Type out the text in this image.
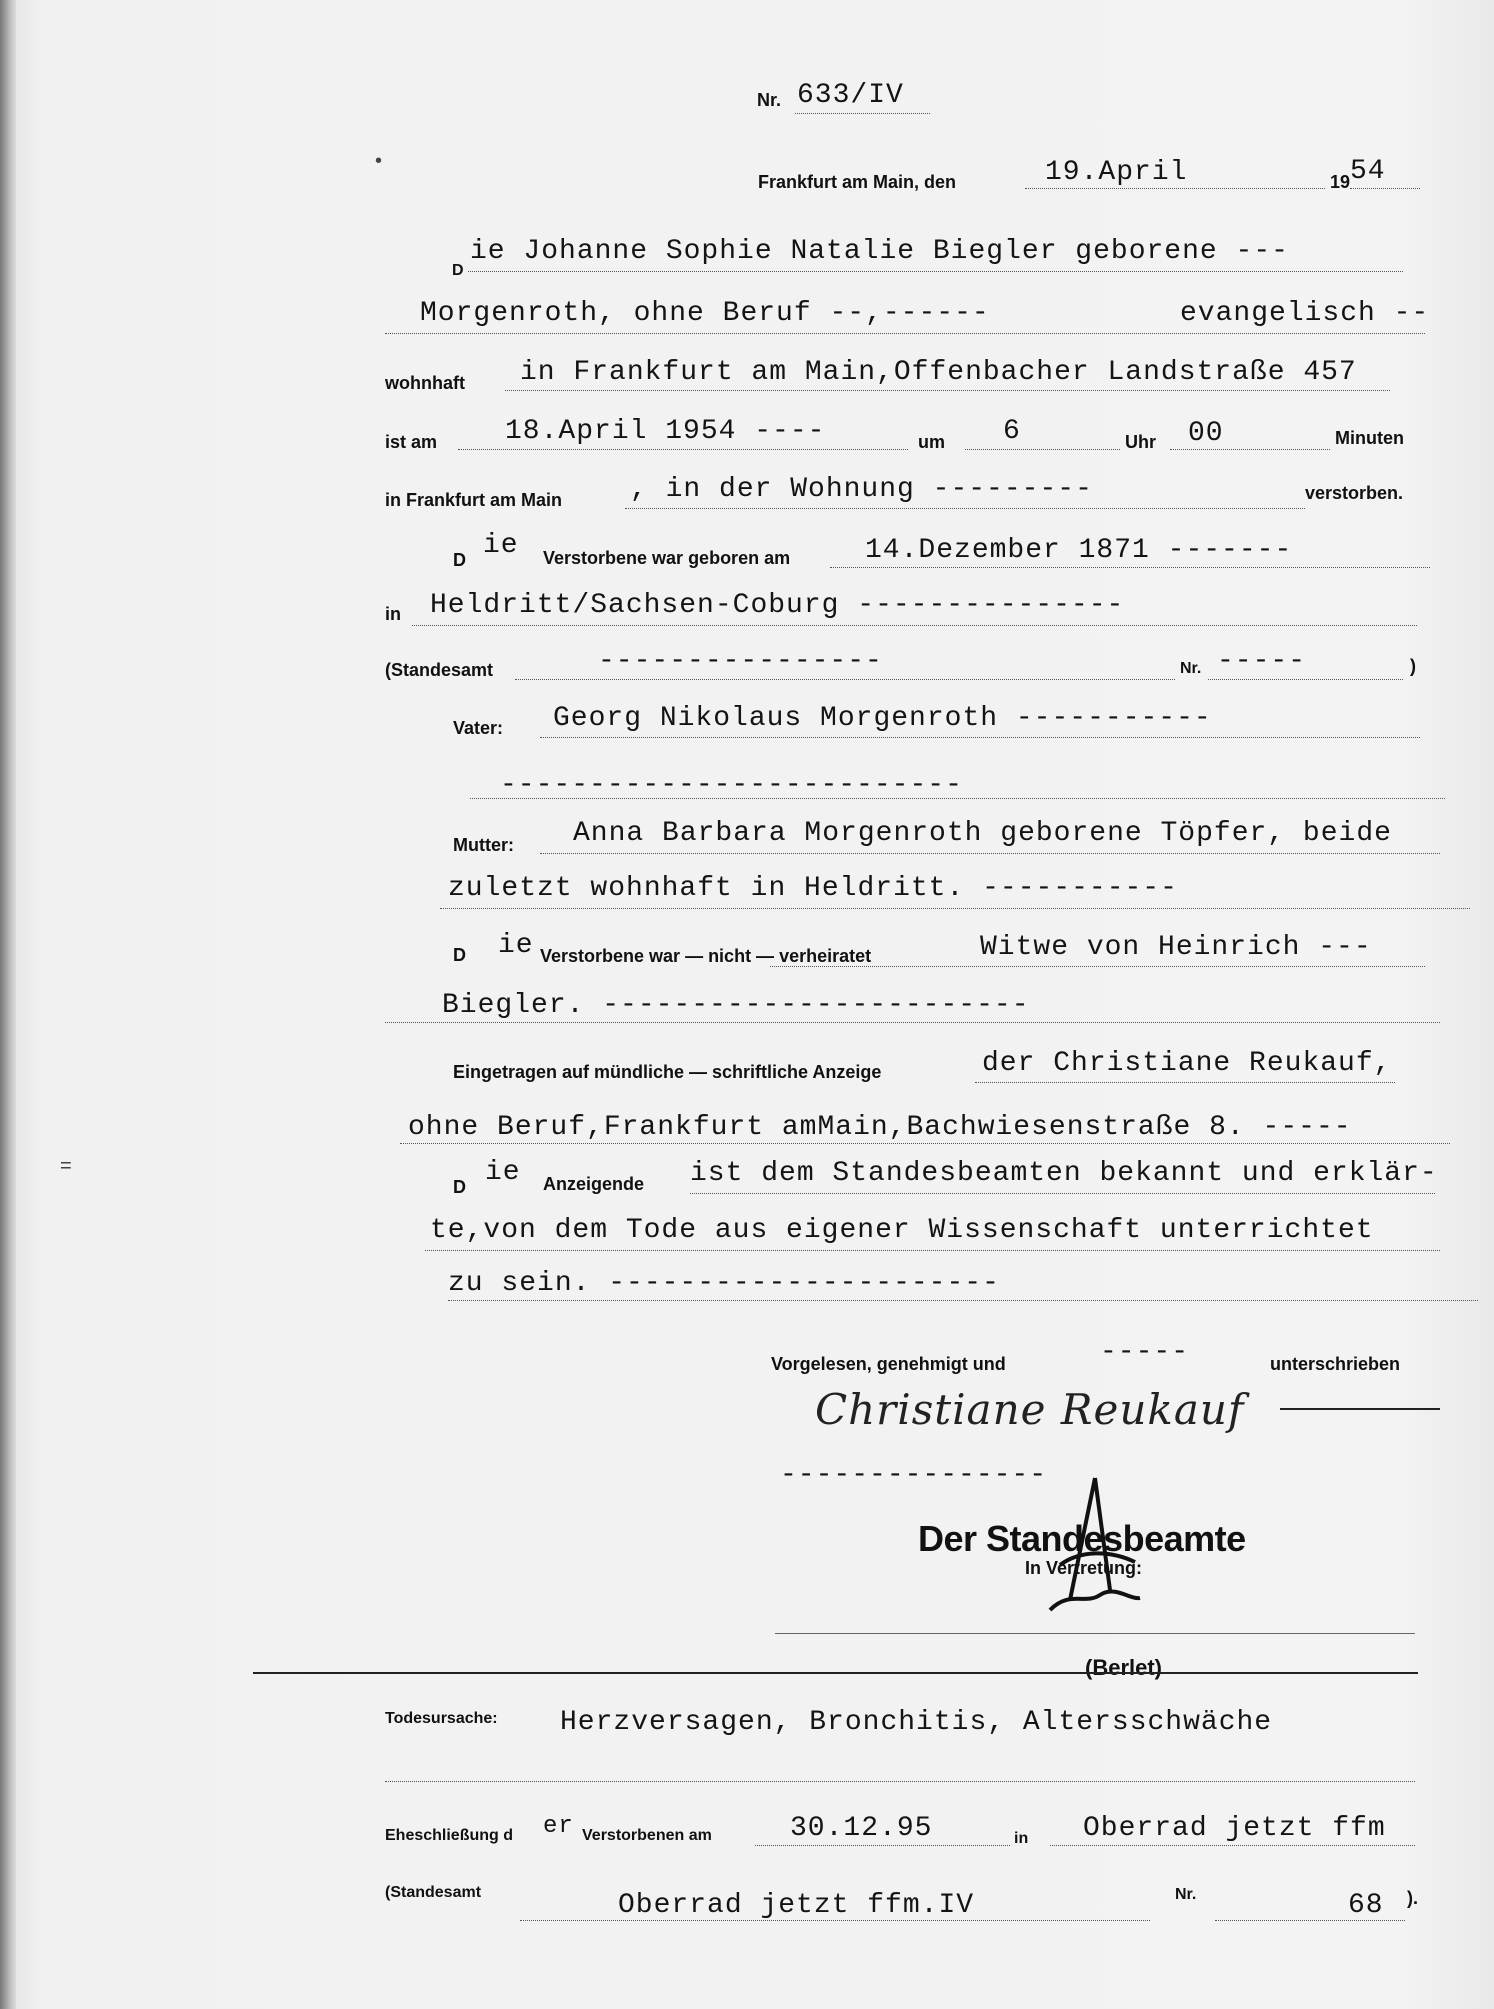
Nr. 633/IV
Frankfurt am Main, den	19.April	19 54
D
ie Johanne Sophie Natalie Biegler geborene ---
Morgenroth, ohne Beruf --,------	evangelisch --
wohnhaft in Frankfurt am Main,Offenbacher Landstraße 457
ist am 18.April 1954 ----	um 6	Uhr 00	Minuten
in Frankfurt am Main , in der Wohnung ---------	verstorben.
D ie Verstorbene war geboren am	14.Dezember 1871 -------
in Heldritt/Sachsen-Coburg ---------------
(Standesamt	----------------	Nr. -----	)
Vater: Georg Nikolaus Morgenroth -----------
--------------------------
Mutter: Anna Barbara Morgenroth geborene Töpfer, beide
zuletzt wohnhaft in Heldritt. -----------
D ie Verstorbene war — nicht — verheiratet	Witwe von Heinrich ---
Biegler. ------------------------
Eingetragen auf mündliche — schriftliche Anzeige	der Christiane Reukauf,
ohne Beruf,Frankfurt amMain,Bachwiesenstraße 8. -----
D ie Anzeigende ist dem Standesbeamten bekannt und erklär-
te,von dem Tode aus eigener Wissenschaft unterrichtet
zu sein. ----------------------
Vorgelesen, genehmigt und	-----	unterschrieben
Christiane Reukauf
---------------
Der Standesbeamte
In Vertretung:
(Berlet)
Todesursache: Herzversagen, Bronchitis, Altersschwäche
Eheschließung d er Verstorbenen am	30.12.95	in Oberrad jetzt ffm
(Standesamt	Oberrad jetzt ffm.IV	Nr.	68 ).
•
=
